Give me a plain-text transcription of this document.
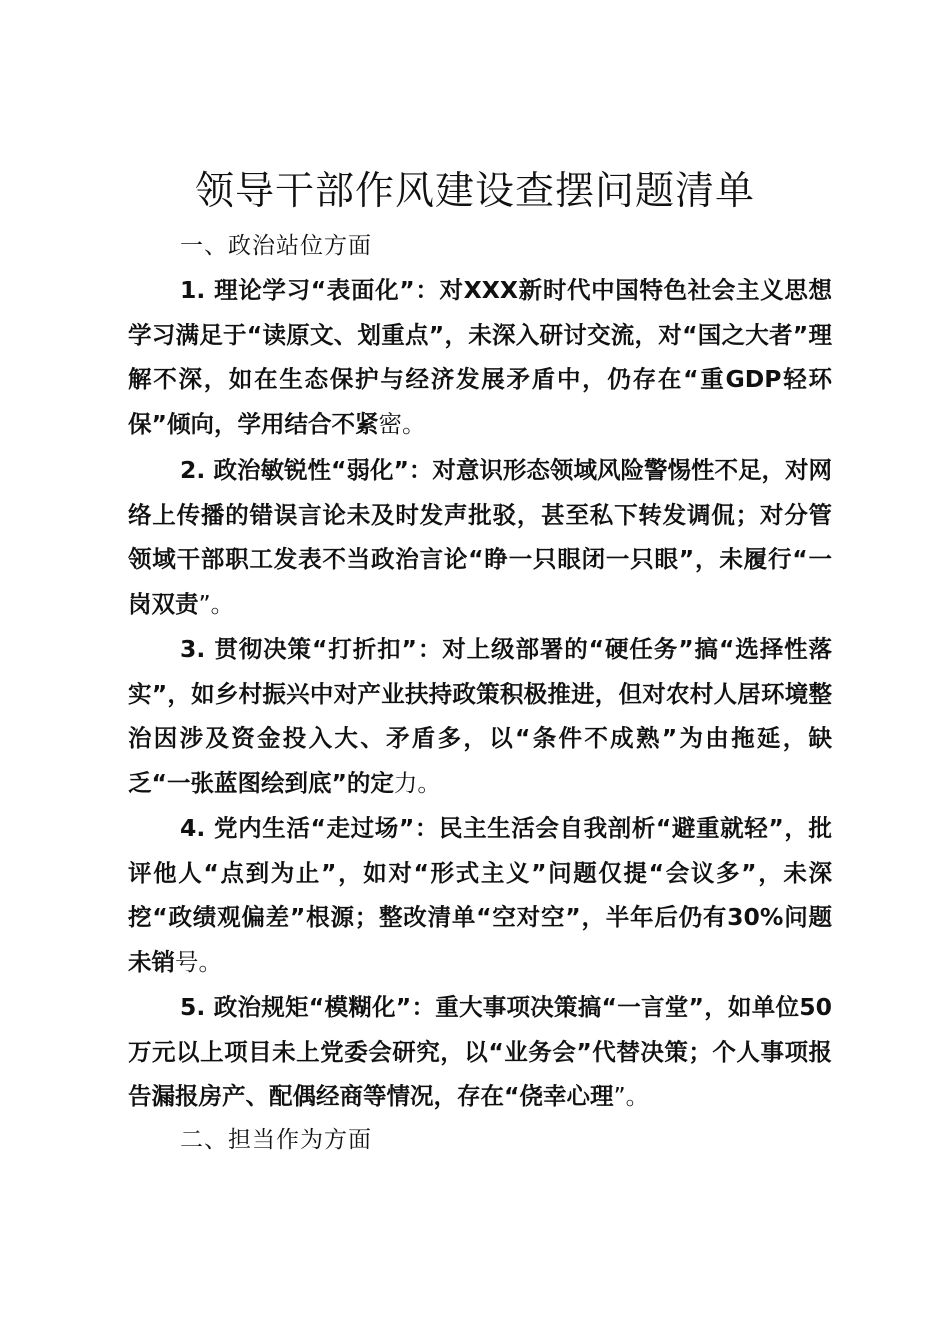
领导干部作风建设查摆问题清单

一、政治站位方面

1. 理论学习“表面化”：对XXX新时代中国特色社会主义思想学习满足于“读原文、划重点”，未深入研讨交流，对“国之大者”理解不深，如在生态保护与经济发展矛盾中，仍存在“重GDP轻环保”倾向，学用结合不紧密。

2. 政治敏锐性“弱化”：对意识形态领域风险警惕性不足，对网络上传播的错误言论未及时发声批驳，甚至私下转发调侃；对分管领域干部职工发表不当政治言论“睁一只眼闭一只眼”，未履行“一岗双责”。

3. 贯彻决策“打折扣”：对上级部署的“硬任务”搞“选择性落实”，如乡村振兴中对产业扶持政策积极推进，但对农村人居环境整治因涉及资金投入大、矛盾多，以“条件不成熟”为由拖延，缺乏“一张蓝图绘到底”的定力。

4. 党内生活“走过场”：民主生活会自我剖析“避重就轻”，批评他人“点到为止”，如对“形式主义”问题仅提“会议多”，未深挖“政绩观偏差”根源；整改清单“空对空”，半年后仍有30%问题未销号。

5. 政治规矩“模糊化”：重大事项决策搞“一言堂”，如单位50万元以上项目未上党委会研究，以“业务会”代替决策；个人事项报告漏报房产、配偶经商等情况，存在“侥幸心理”。

二、担当作为方面
